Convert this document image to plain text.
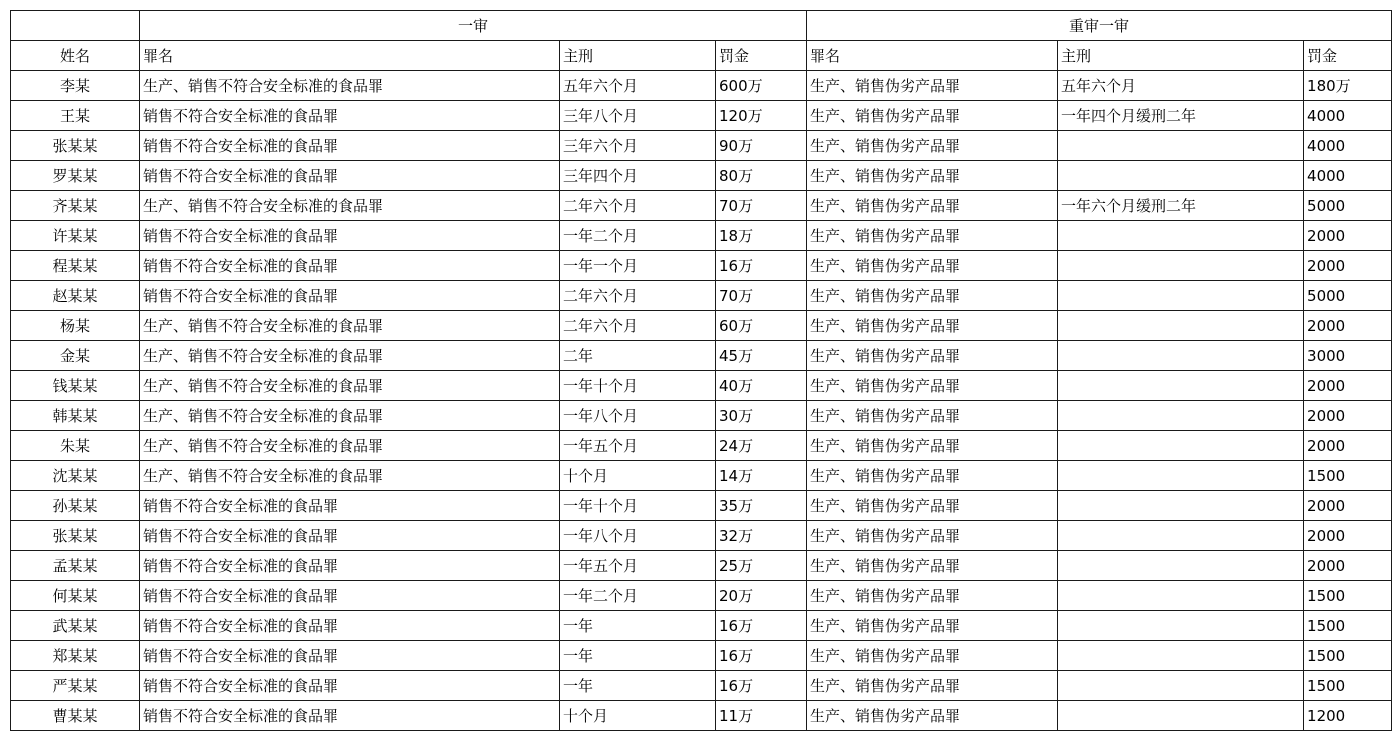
	一审			重审一审		
姓名	罪名	主刑	罚金	罪名	主刑	罚金
李某	生产、销售不符合安全标准的食品罪	五年六个月	600万	生产、销售伪劣产品罪	五年六个月	180万
王某	销售不符合安全标准的食品罪	三年八个月	120万	生产、销售伪劣产品罪	一年四个月缓刑二年	4000
张某某	销售不符合安全标准的食品罪	三年六个月	90万	生产、销售伪劣产品罪		4000
罗某某	销售不符合安全标准的食品罪	三年四个月	80万	生产、销售伪劣产品罪		4000
齐某某	生产、销售不符合安全标准的食品罪	二年六个月	70万	生产、销售伪劣产品罪	一年六个月缓刑二年	5000
许某某	销售不符合安全标准的食品罪	一年二个月	18万	生产、销售伪劣产品罪		2000
程某某	销售不符合安全标准的食品罪	一年一个月	16万	生产、销售伪劣产品罪		2000
赵某某	销售不符合安全标准的食品罪	二年六个月	70万	生产、销售伪劣产品罪		5000
杨某	生产、销售不符合安全标准的食品罪	二年六个月	60万	生产、销售伪劣产品罪		2000
金某	生产、销售不符合安全标准的食品罪	二年	45万	生产、销售伪劣产品罪		3000
钱某某	生产、销售不符合安全标准的食品罪	一年十个月	40万	生产、销售伪劣产品罪		2000
韩某某	生产、销售不符合安全标准的食品罪	一年八个月	30万	生产、销售伪劣产品罪		2000
朱某	生产、销售不符合安全标准的食品罪	一年五个月	24万	生产、销售伪劣产品罪		2000
沈某某	生产、销售不符合安全标准的食品罪	十个月	14万	生产、销售伪劣产品罪		1500
孙某某	销售不符合安全标准的食品罪	一年十个月	35万	生产、销售伪劣产品罪		2000
张某某	销售不符合安全标准的食品罪	一年八个月	32万	生产、销售伪劣产品罪		2000
孟某某	销售不符合安全标准的食品罪	一年五个月	25万	生产、销售伪劣产品罪		2000
何某某	销售不符合安全标准的食品罪	一年二个月	20万	生产、销售伪劣产品罪		1500
武某某	销售不符合安全标准的食品罪	一年	16万	生产、销售伪劣产品罪		1500
郑某某	销售不符合安全标准的食品罪	一年	16万	生产、销售伪劣产品罪		1500
严某某	销售不符合安全标准的食品罪	一年	16万	生产、销售伪劣产品罪		1500
曹某某	销售不符合安全标准的食品罪	十个月	11万	生产、销售伪劣产品罪		1200
